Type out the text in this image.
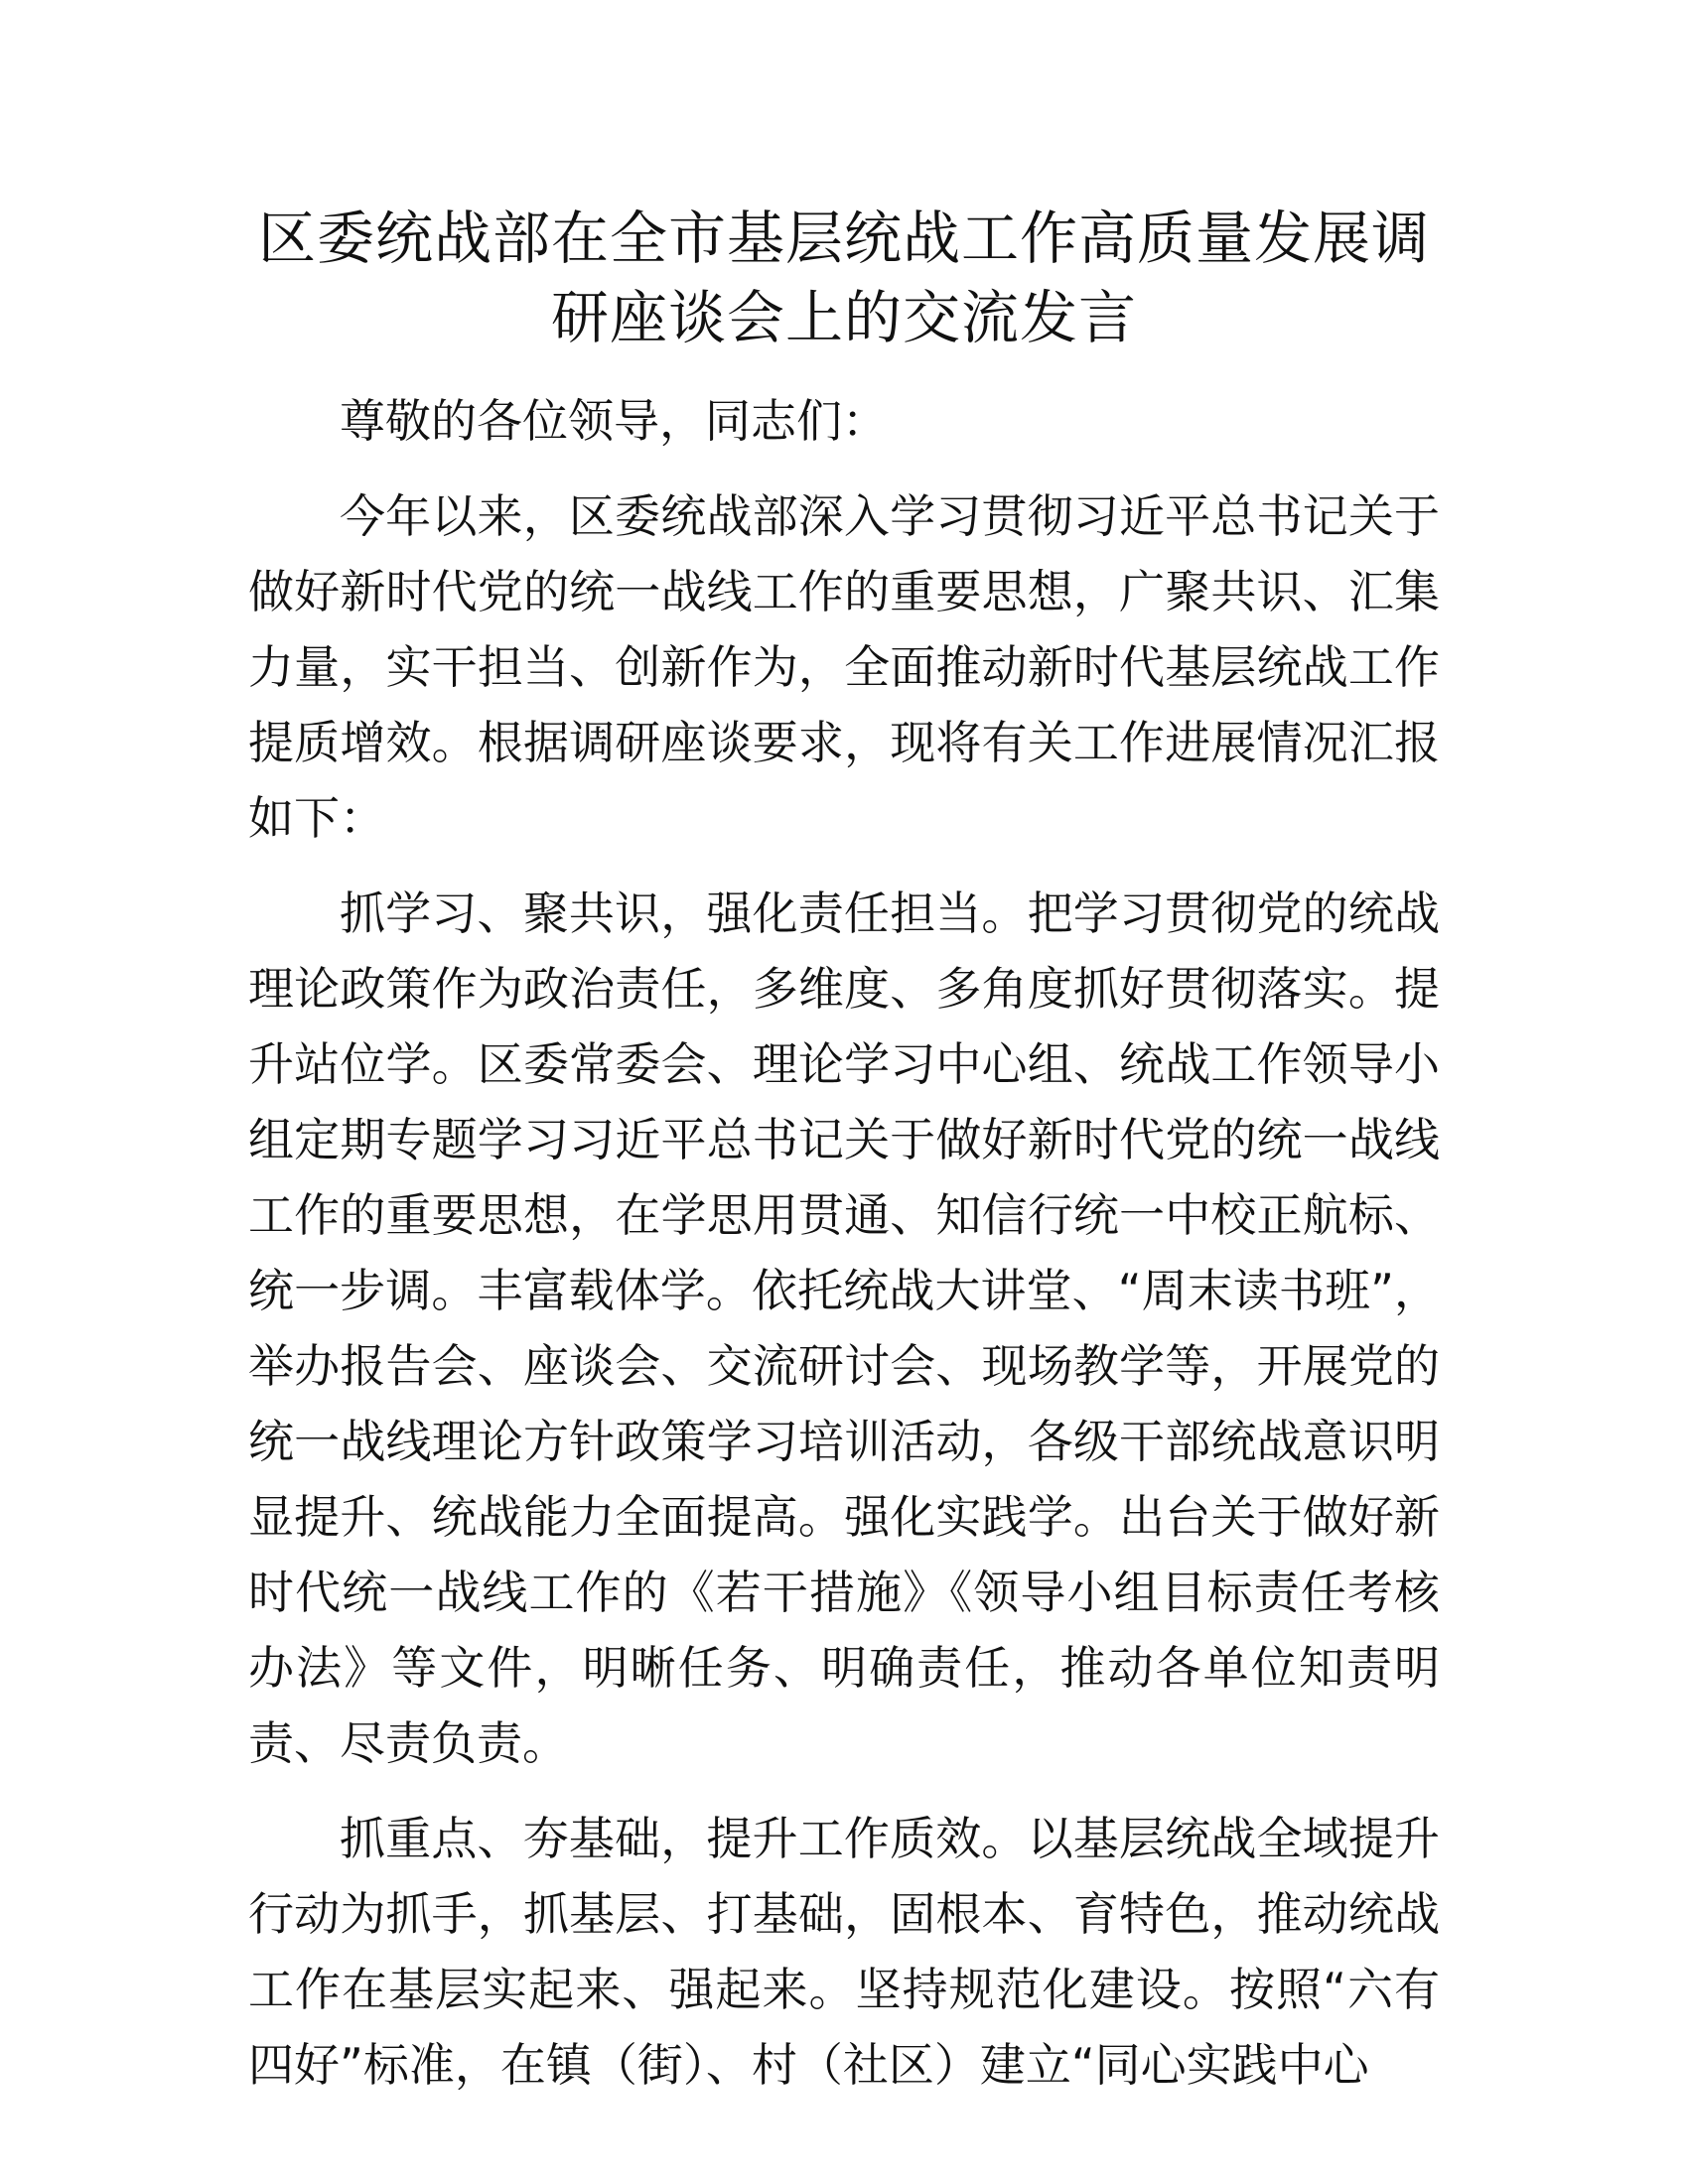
区委统战部在全市基层统战工作高质量发展调研座谈会上的交流发言

尊敬的各位领导，同志们：

今年以来，区委统战部深入学习贯彻习近平总书记关于做好新时代党的统一战线工作的重要思想，广聚共识、汇集力量，实干担当、创新作为，全面推动新时代基层统战工作提质增效。根据调研座谈要求，现将有关工作进展情况汇报如下：

抓学习、聚共识，强化责任担当。把学习贯彻党的统战理论政策作为政治责任，多维度、多角度抓好贯彻落实。提升站位学。区委常委会、理论学习中心组、统战工作领导小组定期专题学习习近平总书记关于做好新时代党的统一战线工作的重要思想，在学思用贯通、知信行统一中校正航标、统一步调。丰富载体学。依托统战大讲堂、“周末读书班”，举办报告会、座谈会、交流研讨会、现场教学等，开展党的统一战线理论方针政策学习培训活动，各级干部统战意识明显提升、统战能力全面提高。强化实践学。出台关于做好新时代统一战线工作的《若干措施》《领导小组目标责任考核办法》等文件，明晰任务、明确责任，推动各单位知责明责、尽责负责。

抓重点、夯基础，提升工作质效。以基层统战全域提升行动为抓手，抓基层、打基础，固根本、育特色，推动统战工作在基层实起来、强起来。坚持规范化建设。按照“六有四好”标准，在镇（街）、村（社区）建立“同心实践中心
